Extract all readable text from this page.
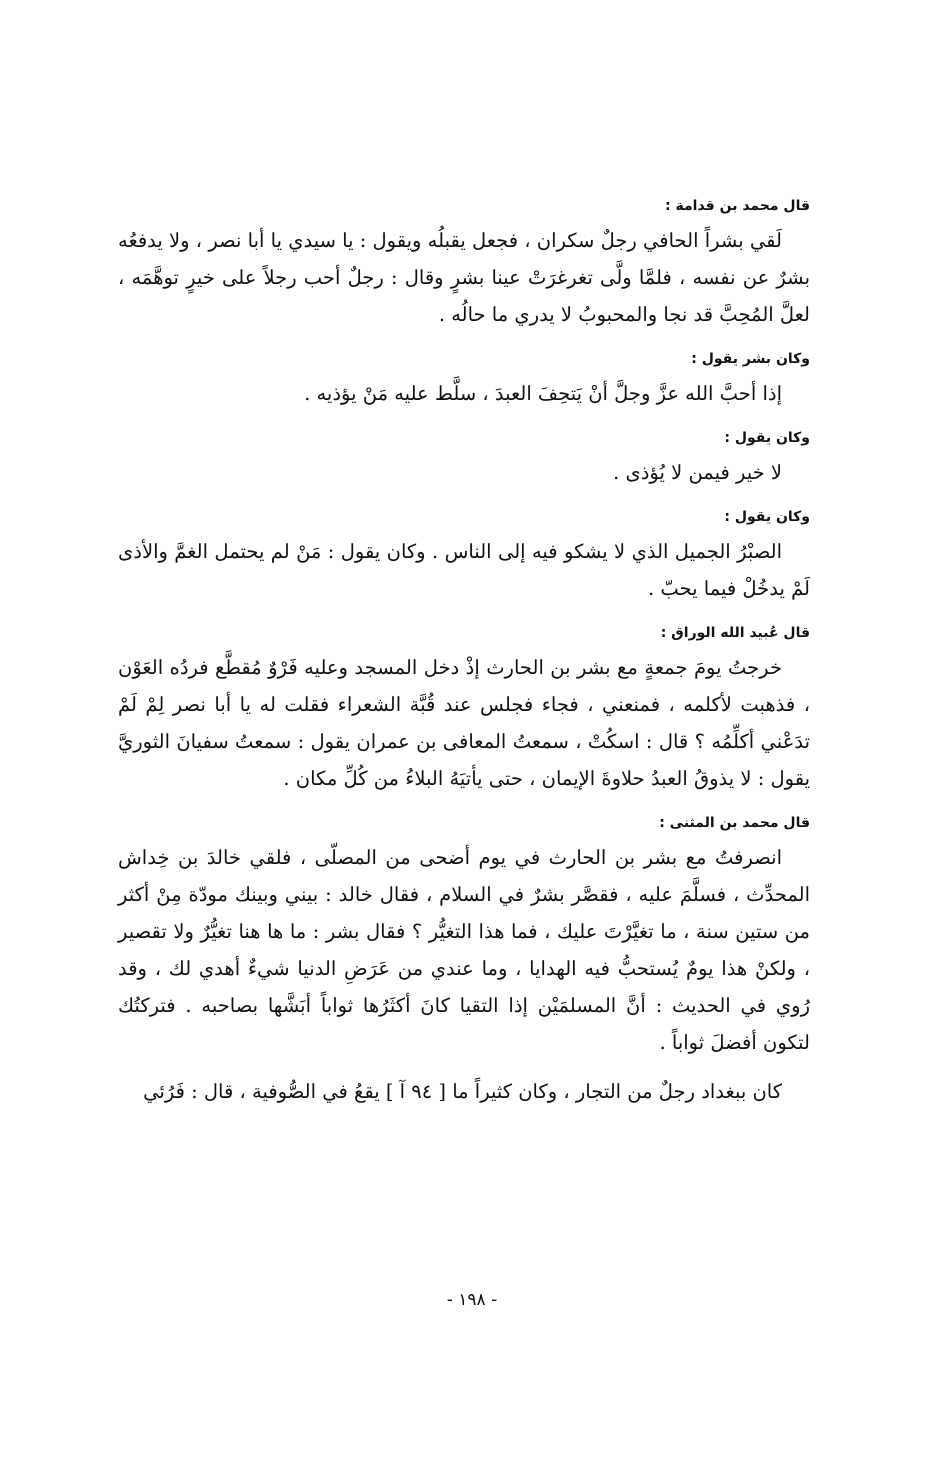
قال محمد بن قدامة :

لَقي بشراً الحافي رجلٌ سكران ، فجعل يقبلُه ويقول : يا سيدي يا أبا نصر ، ولا يدفعُه بشرٌ عن نفسه ، فلمَّا ولَّى تغرغرَتْ عينا بشرٍ وقال : رجلٌ أحب رجلاً على خيرٍ توهَّمَه ، لعلَّ المُحِبَّ قد نجا والمحبوبُ لا يدري ما حالُه .

وكان بشر يقول :

إذا أحبَّ الله عزَّ وجلَّ أنْ يَتحِفَ العبدَ ، سلَّط عليه مَنْ يؤذيه .

وكان يقول :

لا خير فيمن لا يُؤذى .

وكان يقول :

الصبْرُ الجميل الذي لا يشكو فيه إلى الناس . وكان يقول : مَنْ لم يحتمل الغمَّ والأذى لَمْ يدخُلْ فيما يحبّ .

قال عُبيد الله الوراق :

خرجتُ يومَ جمعةٍ مع بشر بن الحارث إذْ دخل المسجد وعليه فَرْوٌ مُقطَّع فردُه العَوْن ، فذهبت لأكلمه ، فمنعني ، فجاء فجلس عند قُبَّة الشعراء فقلت له يا أبا نصر لِمْ لَمْ تدَعْني أكلِّمُه ؟ قال : اسكُتْ ، سمعتُ المعافى بن عمران يقول : سمعتُ سفيانَ الثوريَّ يقول : لا يذوقُ العبدُ حلاوةَ الإيمان ، حتى يأتيَهُ البلاءُ من كُلِّ مكان .

قال محمد بن المثنى :

انصرفتُ مع بشر بن الحارث في يوم أضحى من المصلّى ، فلقي خالدَ بن خِداش المحدِّث ، فسلَّمَ عليه ، فقصَّر بشرٌ في السلام ، فقال خالد : بيني وبينك مودّة مِنْ أكثر من ستين سنة ، ما تغيَّرْتَ عليك ، فما هذا التغيُّر ؟ فقال بشر : ما ها هنا تغيُّرٌ ولا تقصير ، ولكنْ هذا يومٌ يُستحبُّ فيه الهدايا ، وما عندي من عَرَضِ الدنيا شيءٌ أهدي لك ، وقد رُوي في الحديث : أنَّ المسلمَيْن إذا التقيا كانَ أكثَرُها ثواباً أبَشَّها بصاحبه . فتركتُك لتكون أفضلَ ثواباً .

كان ببغداد رجلٌ من التجار ، وكان كثيراً ما [ ٩٤ آ ] يقعُ في الصُّوفية ، قال : فَرُئي

- ١٩٨ -
